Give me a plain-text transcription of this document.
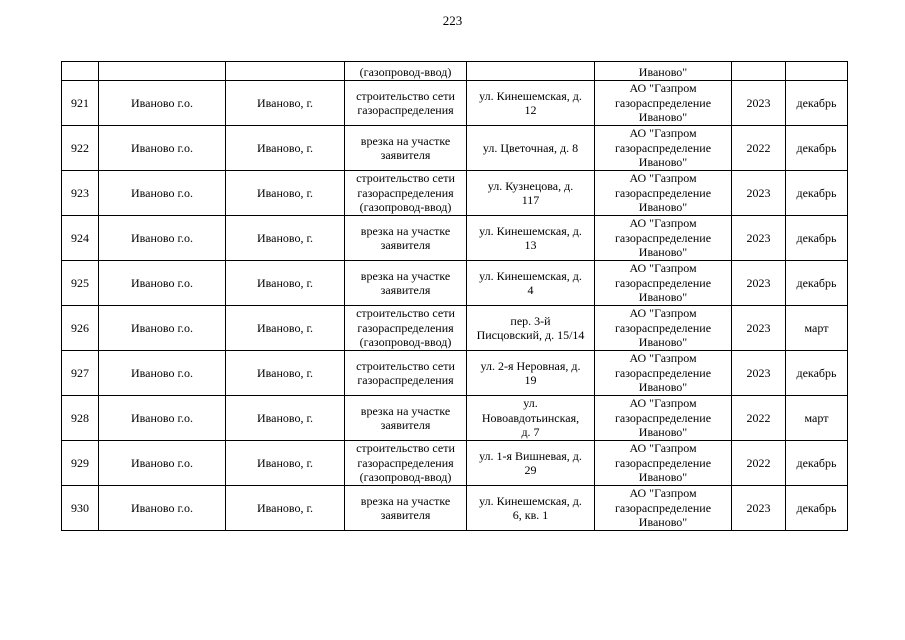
223

			(газопровод-ввод)		Иваново"		

921	Иваново г.о.	Иваново, г.	строительство сети
газораспределения	ул. Кинешемская, д.
12	АО "Газпром
газораспределение
Иваново"	2023	декабрь

922	Иваново г.о.	Иваново, г.	врезка на участке
заявителя	ул. Цветочная, д. 8	АО "Газпром
газораспределение
Иваново"	2022	декабрь

923	Иваново г.о.	Иваново, г.	строительство сети
газораспределения
(газопровод-ввод)	ул. Кузнецова, д.
117	АО "Газпром
газораспределение
Иваново"	2023	декабрь

924	Иваново г.о.	Иваново, г.	врезка на участке
заявителя	ул. Кинешемская, д.
13	АО "Газпром
газораспределение
Иваново"	2023	декабрь

925	Иваново г.о.	Иваново, г.	врезка на участке
заявителя	ул. Кинешемская, д.
4	АО "Газпром
газораспределение
Иваново"	2023	декабрь

926	Иваново г.о.	Иваново, г.	строительство сети
газораспределения
(газопровод-ввод)	пер. 3-й
Писцовский, д. 15/14	АО "Газпром
газораспределение
Иваново"	2023	март

927	Иваново г.о.	Иваново, г.	строительство сети
газораспределения	ул. 2-я Неровная, д.
19	АО "Газпром
газораспределение
Иваново"	2023	декабрь

928	Иваново г.о.	Иваново, г.	врезка на участке
заявителя	ул.
Новоавдотьинская,
д. 7	АО "Газпром
газораспределение
Иваново"	2022	март

929	Иваново г.о.	Иваново, г.	строительство сети
газораспределения
(газопровод-ввод)	ул. 1-я Вишневая, д.
29	АО "Газпром
газораспределение
Иваново"	2022	декабрь

930	Иваново г.о.	Иваново, г.	врезка на участке
заявителя	ул. Кинешемская, д.
6, кв. 1	АО "Газпром
газораспределение
Иваново"	2023	декабрь
